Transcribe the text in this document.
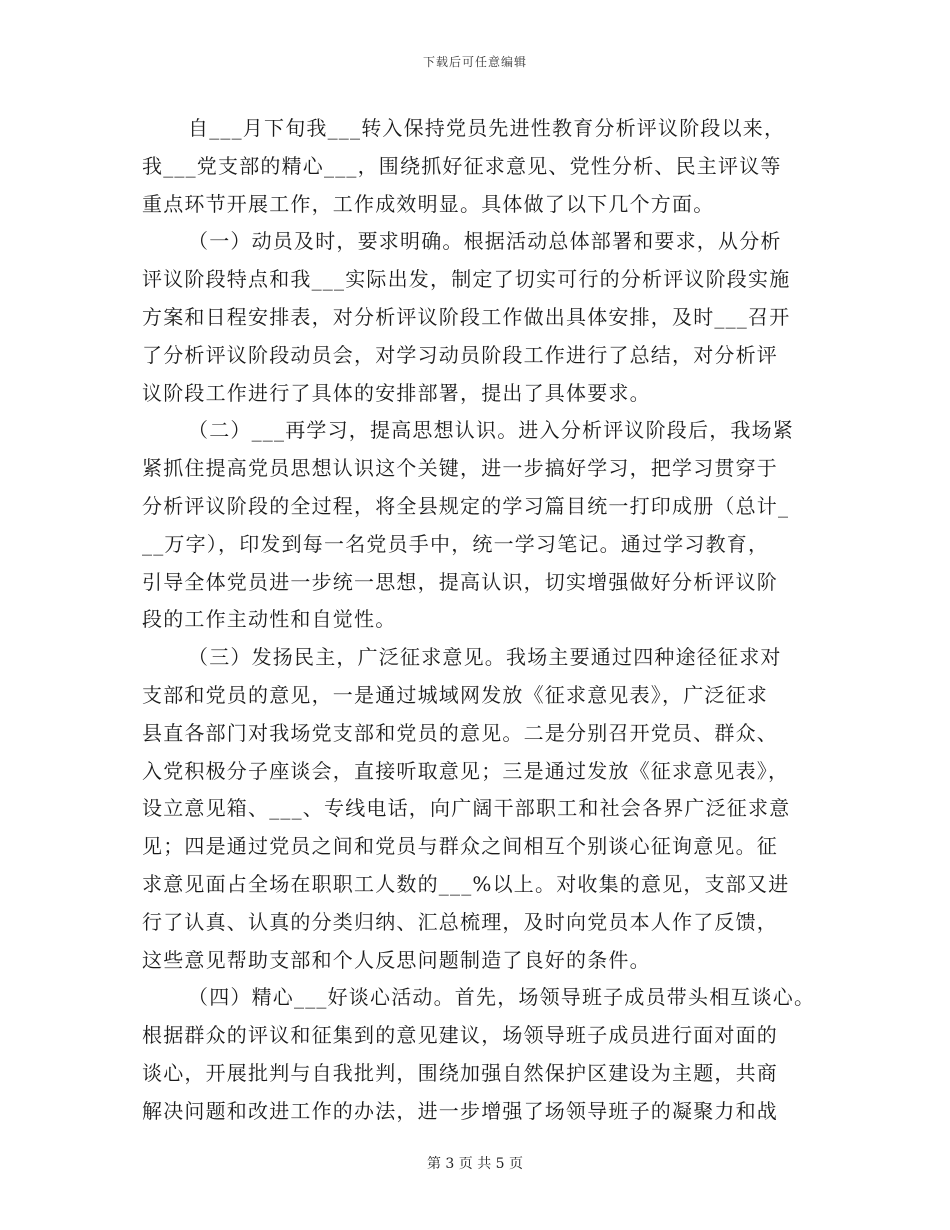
下载后可任意编辑
自___月下旬我___转入保持党员先进性教育分析评议阶段以来，
我___党支部的精心___，围绕抓好征求意见、党性分析、民主评议等
重点环节开展工作，工作成效明显。具体做了以下几个方面。
（一）动员及时，要求明确。根据活动总体部署和要求，从分析
评议阶段特点和我___实际出发，制定了切实可行的分析评议阶段实施
方案和日程安排表，对分析评议阶段工作做出具体安排，及时___召开
了分析评议阶段动员会，对学习动员阶段工作进行了总结，对分析评
议阶段工作进行了具体的安排部署，提出了具体要求。
（二）___再学习，提高思想认识。进入分析评议阶段后，我场紧
紧抓住提高党员思想认识这个关键，进一步搞好学习，把学习贯穿于
分析评议阶段的全过程，将全县规定的学习篇目统一打印成册（总计_
__万字），印发到每一名党员手中，统一学习笔记。通过学习教育，
引导全体党员进一步统一思想，提高认识，切实增强做好分析评议阶
段的工作主动性和自觉性。
（三）发扬民主，广泛征求意见。我场主要通过四种途径征求对
支部和党员的意见，一是通过城域网发放《征求意见表》，广泛征求
县直各部门对我场党支部和党员的意见。二是分别召开党员、群众、
入党积极分子座谈会，直接听取意见；三是通过发放《征求意见表》，
设立意见箱、___、专线电话，向广阔干部职工和社会各界广泛征求意
见；四是通过党员之间和党员与群众之间相互个别谈心征询意见。征
求意见面占全场在职职工人数的___%以上。对收集的意见，支部又进
行了认真、认真的分类归纳、汇总梳理，及时向党员本人作了反馈，
这些意见帮助支部和个人反思问题制造了良好的条件。
（四）精心___好谈心活动。首先，场领导班子成员带头相互谈心。
根据群众的评议和征集到的意见建议，场领导班子成员进行面对面的
谈心，开展批判与自我批判，围绕加强自然保护区建设为主题，共商
解决问题和改进工作的办法，进一步增强了场领导班子的凝聚力和战
第 3 页 共 5 页
